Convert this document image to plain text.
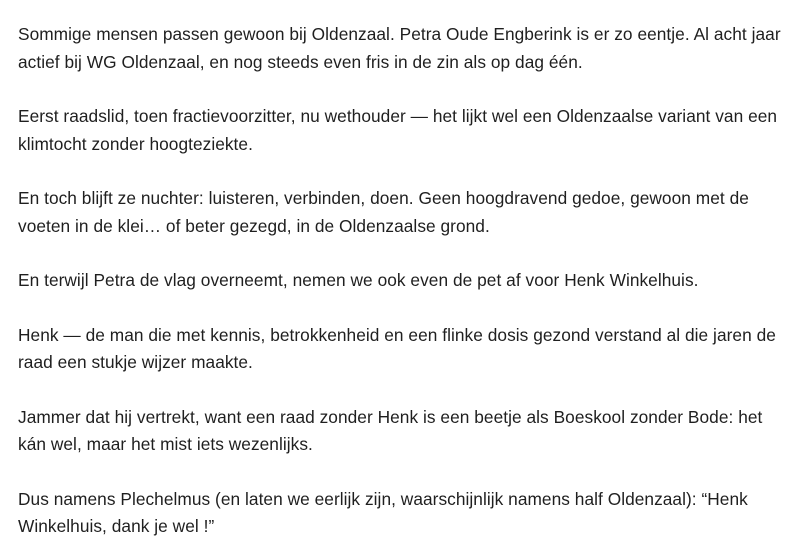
Sommige mensen passen gewoon bij Oldenzaal. Petra Oude Engberink is er zo eentje. Al acht jaar actief bij WG Oldenzaal, en nog steeds even fris in de zin als op dag één.

Eerst raadslid, toen fractievoorzitter, nu wethouder — het lijkt wel een Oldenzaalse variant van een klimtocht zonder hoogteziekte.

En toch blijft ze nuchter: luisteren, verbinden, doen. Geen hoogdravend gedoe, gewoon met de voeten in de klei… of beter gezegd, in de Oldenzaalse grond.

En terwijl Petra de vlag overneemt, nemen we ook even de pet af voor Henk Winkelhuis.

Henk — de man die met kennis, betrokkenheid en een flinke dosis gezond verstand al die jaren de raad een stukje wijzer maakte.

Jammer dat hij vertrekt, want een raad zonder Henk is een beetje als Boeskool zonder Bode: het kán wel, maar het mist iets wezenlijks.

Dus namens Plechelmus (en laten we eerlijk zijn, waarschijnlijk namens half Oldenzaal): “Henk Winkelhuis, dank je wel !”
